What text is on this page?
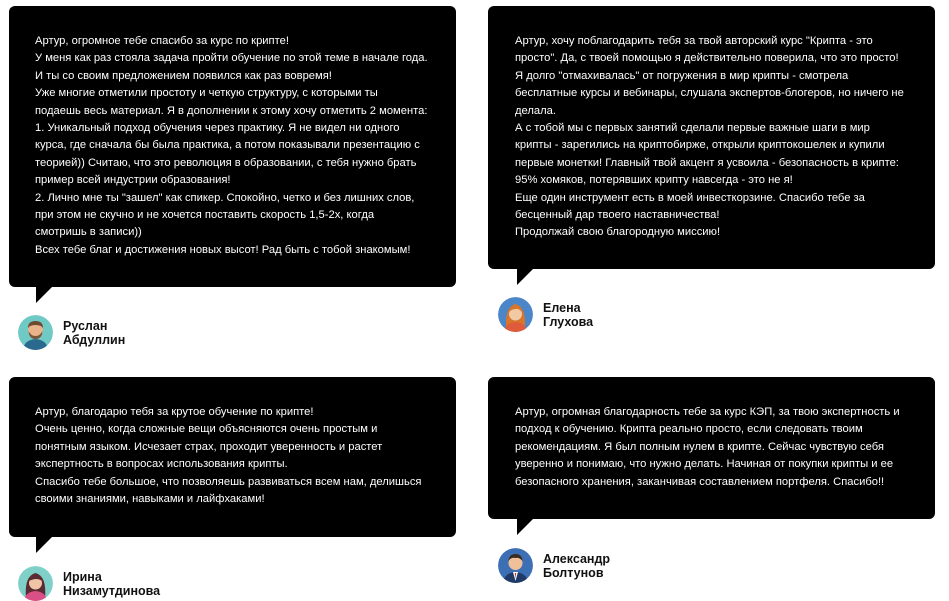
Артур, огромное тебе спасибо за курс по крипте!
У меня как раз стояла задача пройти обучение по этой теме в начале года.
И ты со своим предложением появился как раз вовремя!
Уже многие отметили простоту и четкую структуру, с которыми ты
подаешь весь материал. Я в дополнении к этому хочу отметить 2 момента:
1. Уникальный подход обучения через практику. Я не видел ни одного
курса, где сначала бы была практика, а потом показывали презентацию с
теорией)) Считаю, что это революция в образовании, с тебя нужно брать
пример всей индустрии образования!
2. Лично мне ты "зашел" как спикер. Спокойно, четко и без лишних слов,
при этом не скучно и не хочется поставить скорость 1,5-2х, когда
смотришь в записи))
Всех тебе благ и достижения новых высот! Рад быть с тобой знакомым!

Руслан Абдуллин

Артур, хочу поблагодарить тебя за твой авторский курс "Крипта - это
просто". Да, с твоей помощью я действительно поверила, что это просто!
Я долго "отмахивалась" от погружения в мир крипты - смотрела
бесплатные курсы и вебинары, слушала экспертов-блогеров, но ничего не
делала.
А с тобой мы с первых занятий сделали первые важные шаги в мир
крипты - зарегились на криптобирже, открыли криптокошелек и купили
первые монетки! Главный твой акцент я усвоила - безопасность в крипте:
95% хомяков, потерявших крипту навсегда - это не я!
Еще один инструмент есть в моей инвесткорзине. Спасибо тебе за
бесценный дар твоего наставничества!
Продолжай свою благородную миссию!

Елена Глухова

Артур, благодарю тебя за крутое обучение по крипте!
Очень ценно, когда сложные вещи объясняются очень простым и
понятным языком. Исчезает страх, проходит уверенность и растет
экспертность в вопросах использования крипты.
Спасибо тебе большое, что позволяешь развиваться всем нам, делишься
своими знаниями, навыками и лайфхаками!

Ирина Низамутдинова

Артур, огромная благодарность тебе за курс КЭП, за твою экспертность и
подход к обучению. Крипта реально просто, если следовать твоим
рекомендациям. Я был полным нулем в крипте. Сейчас чувствую себя
уверенно и понимаю, что нужно делать. Начиная от покупки крипты и ее
безопасного хранения, заканчивая составлением портфеля. Спасибо!!

Александр Болтунов
